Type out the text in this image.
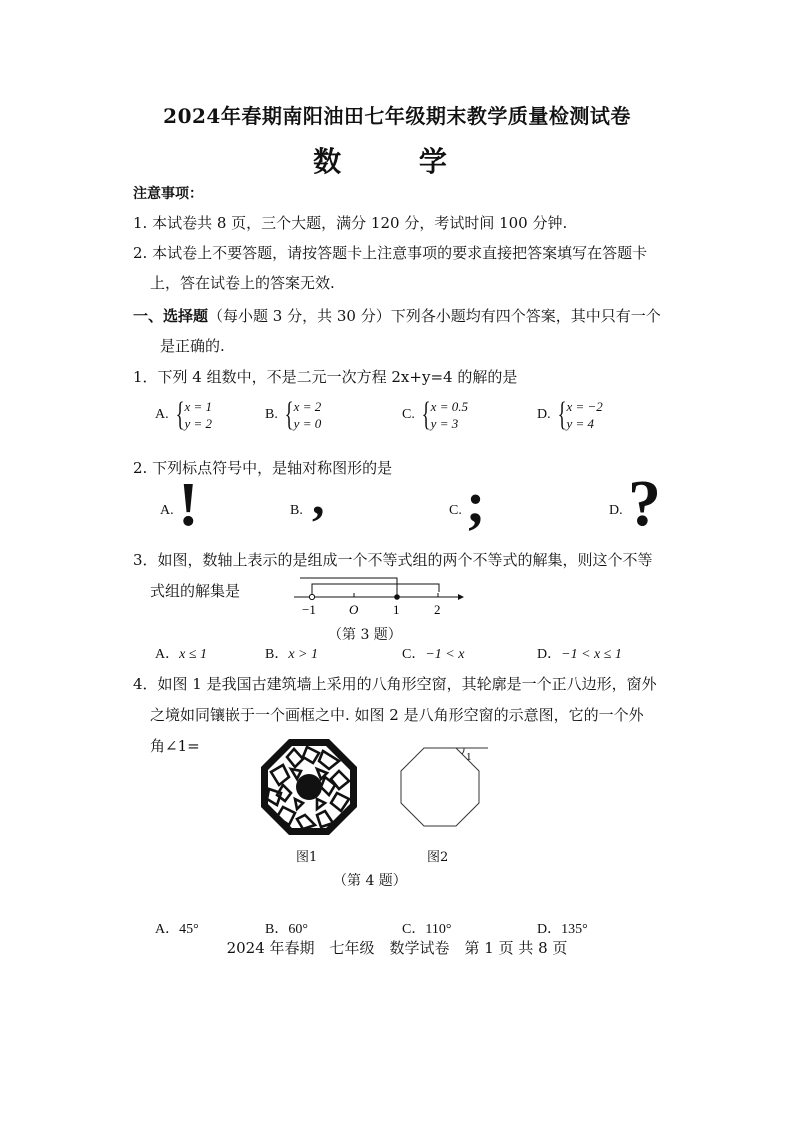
2024年春期南阳油田七年级期末教学质量检测试卷
数 学
注意事项：
1. 本试卷共 8 页，三个大题，满分 120 分，考试时间 100 分钟.
2. 本试卷上不要答题，请按答题卡上注意事项的要求直接把答案填写在答题卡
上，答在试卷上的答案无效.
一、选择题（每小题 3 分，共 30 分）下列各小题均有四个答案，其中只有一个
是正确的.
1．下列 4 组数中，不是二元一次方程 2x+y=4 的解的是
A.
{ x = 1
y = 2
B.
{ x = 2
y = 0
C.
{ x = 0.5
y = 3
D.
{ x = −2
y = 4
2. 下列标点符号中，是轴对称图形的是
A. !	B. ,	C. ;	D. ?
3．如图，数轴上表示的是组成一个不等式组的两个不等式的解集，则这个不等
式组的解集是
−1	O	1	2
（第 3 题）
A．x ≤ 1	B．x > 1	C．−1 < x	D．−1 < x ≤ 1
4．如图 1 是我国古建筑墙上采用的八角形空窗，其轮廓是一个正八边形，窗外
之境如同镶嵌于一个画框之中. 如图 2 是八角形空窗的示意图，它的一个外
角∠1=
1
图1	图2
（第 4 题）
A．45°	B．60°	C．110°	D．135°
2024 年春期　七年级　数学试卷　第 1 页 共 8 页
